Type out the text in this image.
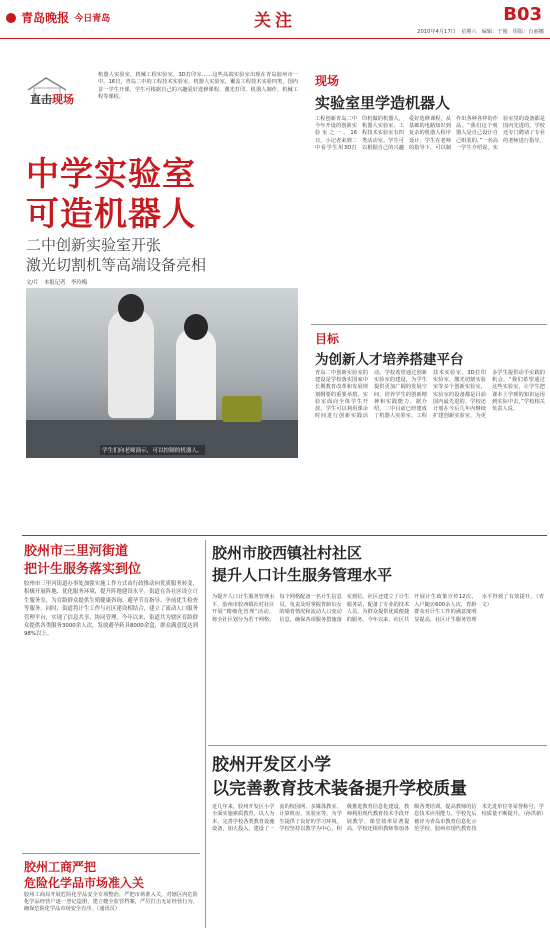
青岛晚报 今日青岛	关注	B03
2010年4月17日　星期六　编辑：于俊　组版：台丽娜
直击现场
机器人实验室，机械工程实验室，3D打印室……这些高端实验室出现在青岛胶州市一中。16日，青岛二中的工程技术实验室，机器人实验室，覆盖工程技术实验四类，国内首一学生开课，学生可根据自己的兴趣爱好选修课程，激光打印、机器人制作、机械工程等课程。
中学实验室
可造机器人
二中创新实验室开张
激光切割机等高端设备亮相
文/片　本报记者　李玲梅
学生们向老师演示，可以控制的机器人。
现场
实验室里学造机器人
工程创新青岛二中今年开设的创新实验室之一。16日，小记者来到二中看学生用3D打印机做的机器人，机器人实验室、工程技术实验室有四类活动室。学生可以根据自己的兴趣爱好选修课程，从基础的电路知识到复杂的机器人程序设计，学生在老师的指导下，可以制作出各种各样的作品。“我们这个机器人是自己设计自己组装的，”一名高一学生介绍说，实验室里的设备都是国内先进的，学校还专门聘请了专业的老师进行指导。
目标
为创新人才培养搭建平台
青岛二中创新实验室的建设是学校落实国家中长期教育改革和发展规划纲要的重要举措。实验室面向全体学生开放，学生可以利用课余时间进行创新实践活动。学校希望通过创新实验室的建设，为学生提供更加广阔的发展空间，培养学生的创新精神和实践能力。据介绍，二中目前已经建成了机器人实验室、工程技术实验室、3D打印实验室、激光切割实验室等多个创新实验室，实验室的设备都是目前国内最先进的。学校还计划在今后几年内继续扩建创新实验室，为更多学生提供动手实践的机会。“我们希望通过这些实验室，让学生把课本上学到的知识运用到实际中去，”学校相关负责人说。
胶州市三里河街道
把计生服务落实到位
胶州市三里河街道办事处加强实施工作方式由行政推动向优质服务转变，积极开展阵地、优化服务环境，提升阵地建设水平。街道在各社区设立计生服务室，为育龄群众提供生殖健康咨询、避孕节育指导、孕前优生检查等服务。同时，街道将计生工作与社区建设相结合，建立了流动人口服务管理平台，实现了信息共享、协同管理。今年以来，街道共为辖区育龄群众提供各类服务3000余人次，发放避孕药具8000余盒，群众满意度达到98%以上。
胶州工商严把
危险化学品市场准入关
胶州工商局开展危险化学品安全专项整治，严把市场准入关，对辖区内危险化学品经营户逐一登记造册，建立健全监管档案，严厉打击无证经营行为，确保危险化学品市场安全有序。（通讯员）
胶州市胶西镇社村社区
提升人口计生服务管理水平
为提升人口计生服务管理水平，胶州市胶西镇社村社区开展“精细化管理”活动，将全社区划分为若干网格，每个网格配备一名计生信息员，负责及时掌握育龄妇女的婚育情况和流动人口变动信息，确保各项服务措施落实到位。社区还建立了计生服务站，配备了专业的技术人员，为群众提供优质便捷的服务。今年以来，社区共开展计生政策宣传12次，入户随访600余人次，育龄群众对计生工作的满意度明显提高，社区计生服务管理水平得到了有效提升。（青文）
胶州开发区小学
以完善教育技术装备提升学校质量
近几年来，胶州开发区小学全面实施素质教育，以人为本，完善学校各类教育设施设备，加大投入，建设了一流的校园网、多媒体教室、计算机房、实验室等，为学生提供了良好的学习环境。学校坚持以教学为中心，积极推进教育信息化建设，教师利用现代教育技术手段开展教学，课堂效率显著提高。学校还组织教师参加各级各类培训，提高教师的信息技术应用能力。学校先后被评为青岛市教育信息化示范学校、胶州市现代教育技术先进单位等荣誉称号，学校质量不断提升。（孙洪新）
